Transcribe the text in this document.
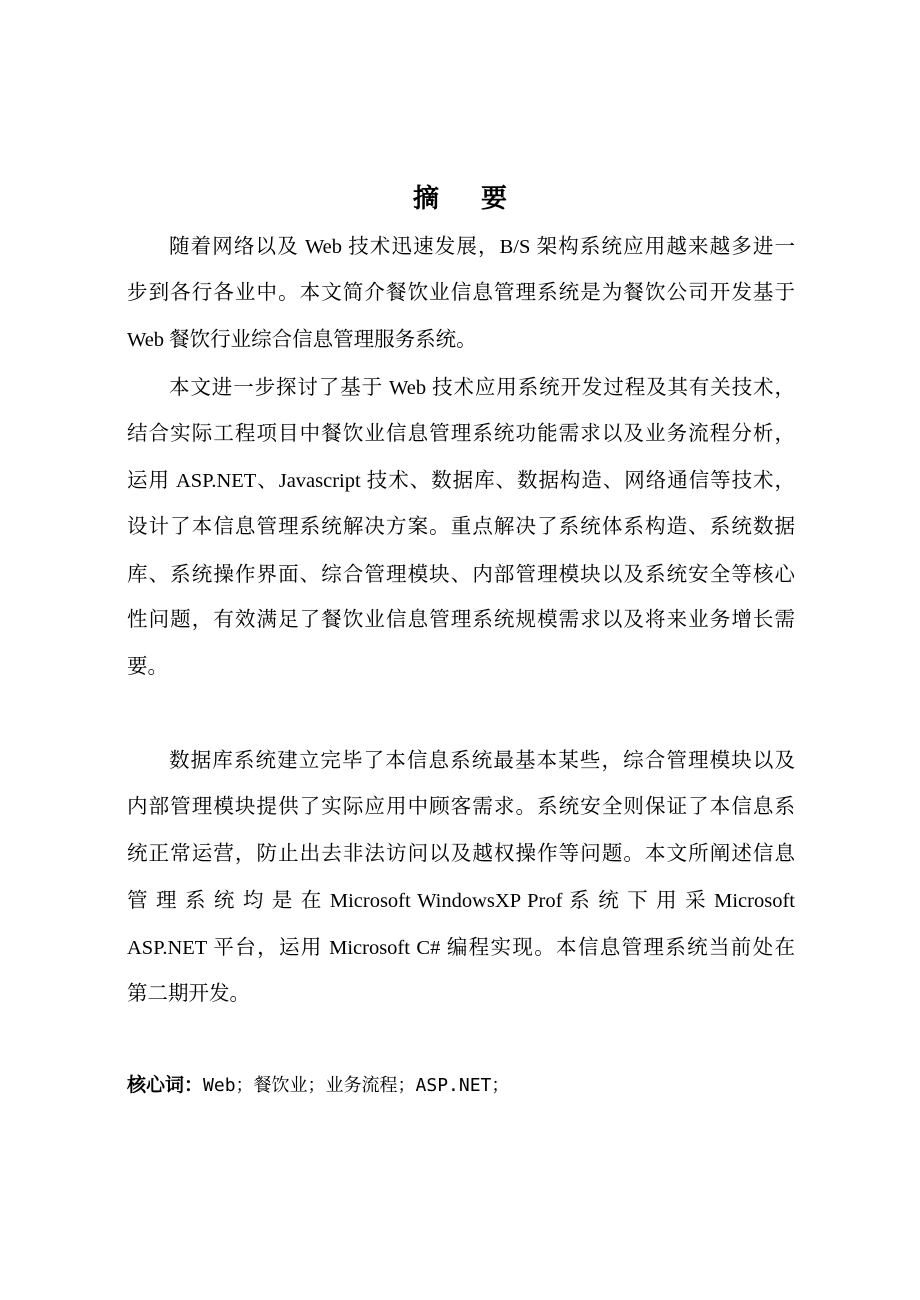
摘要
随着网络以及 Web 技术迅速发展，B/S 架构系统应用越来越多进一
步到各行各业中。本文简介餐饮业信息管理系统是为餐饮公司开发基于
Web 餐饮行业综合信息管理服务系统。
本文进一步探讨了基于 Web 技术应用系统开发过程及其有关技术，
结合实际工程项目中餐饮业信息管理系统功能需求以及业务流程分析，
运用 ASP.NET、Javascript 技术、数据库、数据构造、网络通信等技术，
设计了本信息管理系统解决方案。重点解决了系统体系构造、系统数据
库、系统操作界面、综合管理模块、内部管理模块以及系统安全等核心
性问题，有效满足了餐饮业信息管理系统规模需求以及将来业务增长需
要。
数据库系统建立完毕了本信息系统最基本某些，综合管理模块以及
内部管理模块提供了实际应用中顾客需求。系统安全则保证了本信息系
统正常运营，防止出去非法访问以及越权操作等问题。本文所阐述信息
管 理 系 统 均 是 在 Microsoft WindowsXP Prof 系 统 下 用 采 Microsoft
ASP.NET 平台，运用 Microsoft C# 编程实现。本信息管理系统当前处在
第二期开发。
核心词：Web；餐饮业；业务流程；ASP.NET；
